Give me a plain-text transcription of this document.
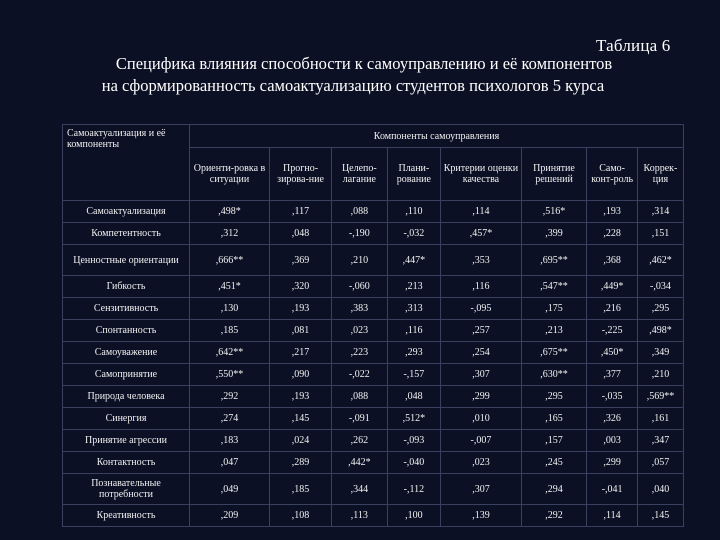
Таблица 6
Специфика влияния способности к самоуправлению и её компонентов
на сформированность самоактуализацию студентов психологов 5 курса
Самоактуализация и её компоненты	Компоненты самоуправления							
	Ориенти-ровка в ситуации	Прогно-зирова-ние	Целепо-лагание	Плани-рование	Критерии оценки качества	Принятие решений	Само-конт-роль	Коррек-ция
Самоактуализация	,498*	,117	,088	,110	,114	,516*	,193	,314
Компетентность	,312	,048	-,190	-,032	,457*	,399	,228	,151
Ценностные ориентации	,666**	,369	,210	,447*	,353	,695**	,368	,462*
Гибкость	,451*	,320	-,060	,213	,116	,547**	,449*	-,034
Сензитивность	,130	,193	,383	,313	-,095	,175	,216	,295
Спонтанность	,185	,081	,023	,116	,257	,213	-,225	,498*
Самоуважение	,642**	,217	,223	,293	,254	,675**	,450*	,349
Самопринятие	,550**	,090	-,022	-,157	,307	,630**	,377	,210
Природа человека	,292	,193	,088	,048	,299	,295	-,035	,569**
Синергия	,274	,145	-,091	,512*	,010	,165	,326	,161
Принятие агрессии	,183	,024	,262	-,093	-,007	,157	,003	,347
Контактность	,047	,289	,442*	-,040	,023	,245	,299	,057
Познавательные потребности	,049	,185	,344	-,112	,307	,294	-,041	,040
Креативность	,209	,108	,113	,100	,139	,292	,114	,145
